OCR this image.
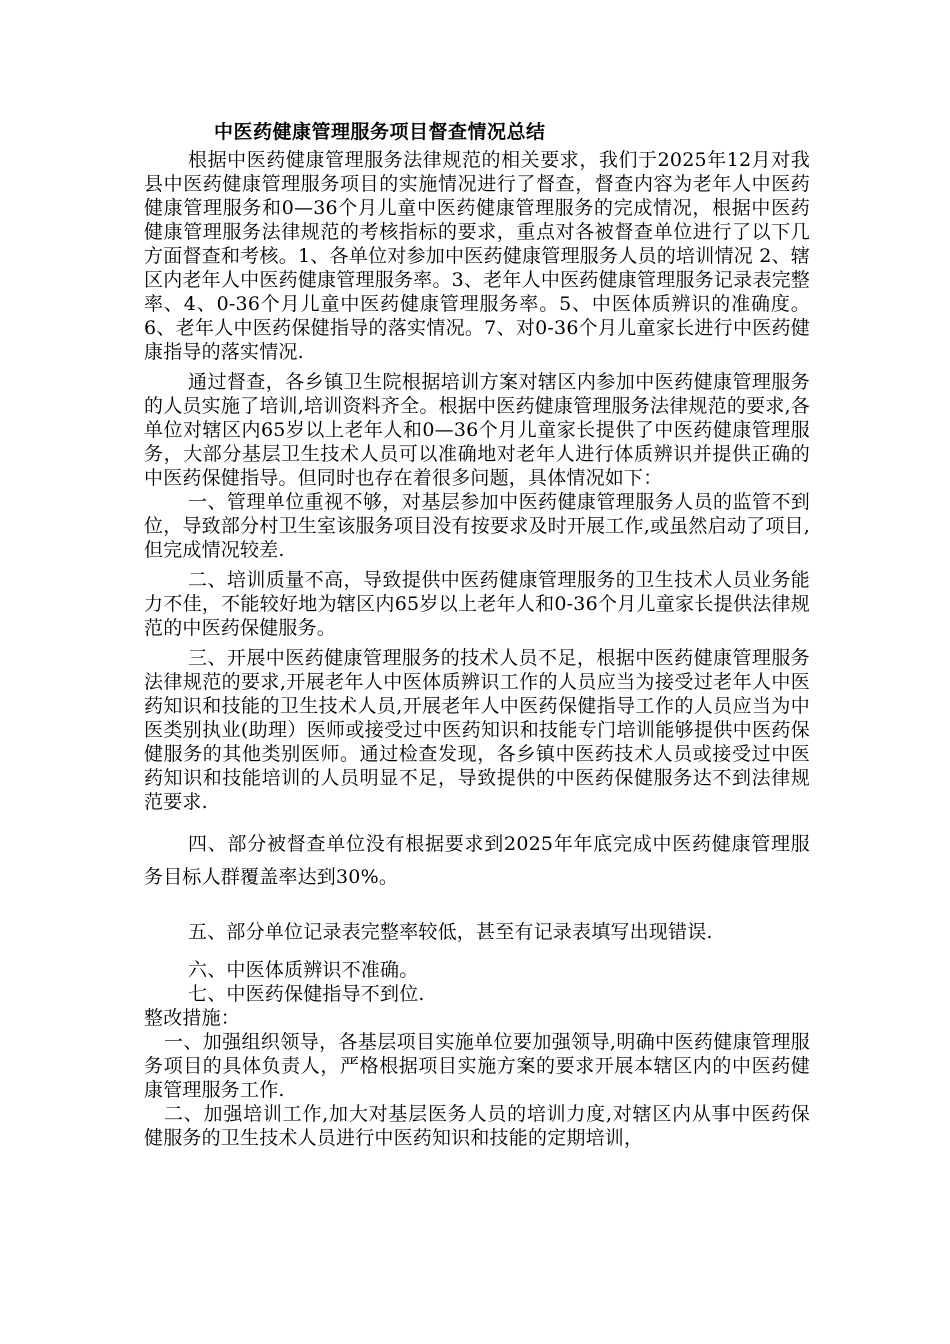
中医药健康管理服务项目督查情况总结

根据中医药健康管理服务法律规范的相关要求，我们于2025年12月对我县中医药健康管理服务项目的实施情况进行了督查，督查内容为老年人中医药健康管理服务和0—36个月儿童中医药健康管理服务的完成情况，根据中医药健康管理服务法律规范的考核指标的要求，重点对各被督查单位进行了以下几方面督查和考核。1、各单位对参加中医药健康管理服务人员的培训情况 2、辖区内老年人中医药健康管理服务率。3、老年人中医药健康管理服务记录表完整率、4、0-36个月儿童中医药健康管理服务率。5、中医体质辨识的准确度。6、老年人中医药保健指导的落实情况。7、对0-36个月儿童家长进行中医药健康指导的落实情况.

通过督查，各乡镇卫生院根据培训方案对辖区内参加中医药健康管理服务的人员实施了培训,培训资料齐全。根据中医药健康管理服务法律规范的要求,各单位对辖区内65岁以上老年人和0—36个月儿童家长提供了中医药健康管理服务，大部分基层卫生技术人员可以准确地对老年人进行体质辨识并提供正确的中医药保健指导。但同时也存在着很多问题，具体情况如下：

一、管理单位重视不够，对基层参加中医药健康管理服务人员的监管不到位，导致部分村卫生室该服务项目没有按要求及时开展工作,或虽然启动了项目,但完成情况较差.

二、培训质量不高，导致提供中医药健康管理服务的卫生技术人员业务能力不佳，不能较好地为辖区内65岁以上老年人和0-36个月儿童家长提供法律规范的中医药保健服务。

三、开展中医药健康管理服务的技术人员不足，根据中医药健康管理服务法律规范的要求,开展老年人中医体质辨识工作的人员应当为接受过老年人中医药知识和技能的卫生技术人员,开展老年人中医药保健指导工作的人员应当为中医类别执业(助理）医师或接受过中医药知识和技能专门培训能够提供中医药保健服务的其他类别医师。通过检查发现，各乡镇中医药技术人员或接受过中医药知识和技能培训的人员明显不足，导致提供的中医药保健服务达不到法律规范要求.

四、部分被督查单位没有根据要求到2025年年底完成中医药健康管理服务目标人群覆盖率达到30%。

五、部分单位记录表完整率较低，甚至有记录表填写出现错误.

六、中医体质辨识不准确。

七、中医药保健指导不到位.

整改措施：

一、加强组织领导，各基层项目实施单位要加强领导,明确中医药健康管理服务项目的具体负责人，严格根据项目实施方案的要求开展本辖区内的中医药健康管理服务工作.

二、加强培训工作,加大对基层医务人员的培训力度,对辖区内从事中医药保健服务的卫生技术人员进行中医药知识和技能的定期培训，
